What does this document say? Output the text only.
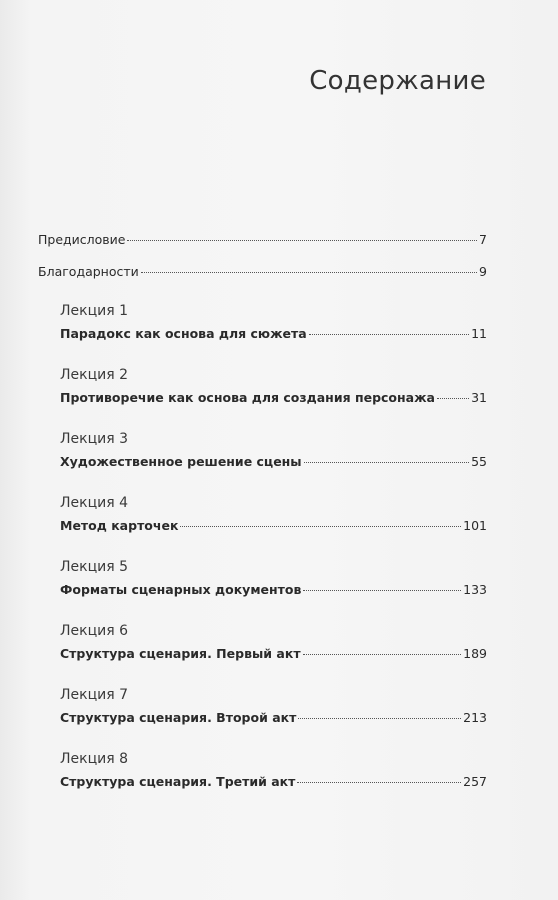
Содержание
Предисловие	7
Благодарности	9
Лекция 1
Парадокс как основа для сюжета	11
Лекция 2
Противоречие как основа для создания персонажа	31
Лекция 3
Художественное решение сцены	55
Лекция 4
Метод карточек	101
Лекция 5
Форматы сценарных документов	133
Лекция 6
Структура сценария. Первый акт	189
Лекция 7
Структура сценария. Второй акт	213
Лекция 8
Структура сценария. Третий акт	257
